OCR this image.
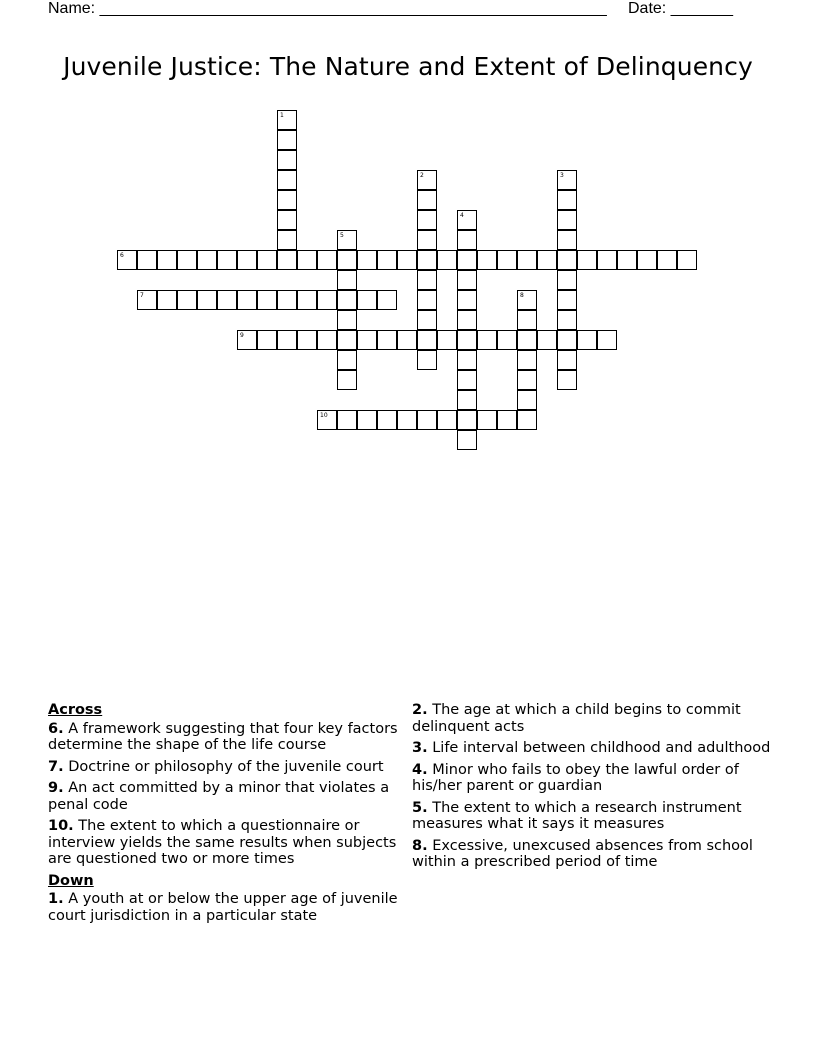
Name: _________________________________________________________ Date: _______
Juvenile Justice: The Nature and Extent of Delinquency
1
2	3
4
5
6
7	8
9
10
Across
6. A framework suggesting that four key factors determine the shape of the life course
7. Doctrine or philosophy of the juvenile court
9. An act committed by a minor that violates a penal code
10. The extent to which a questionnaire or interview yields the same results when subjects are questioned two or more times
Down
1. A youth at or below the upper age of juvenile court jurisdiction in a particular state
2. The age at which a child begins to commit delinquent acts
3. Life interval between childhood and adulthood
4. Minor who fails to obey the lawful order of his/her parent or guardian
5. The extent to which a research instrument measures what it says it measures
8. Excessive, unexcused absences from school within a prescribed period of time
